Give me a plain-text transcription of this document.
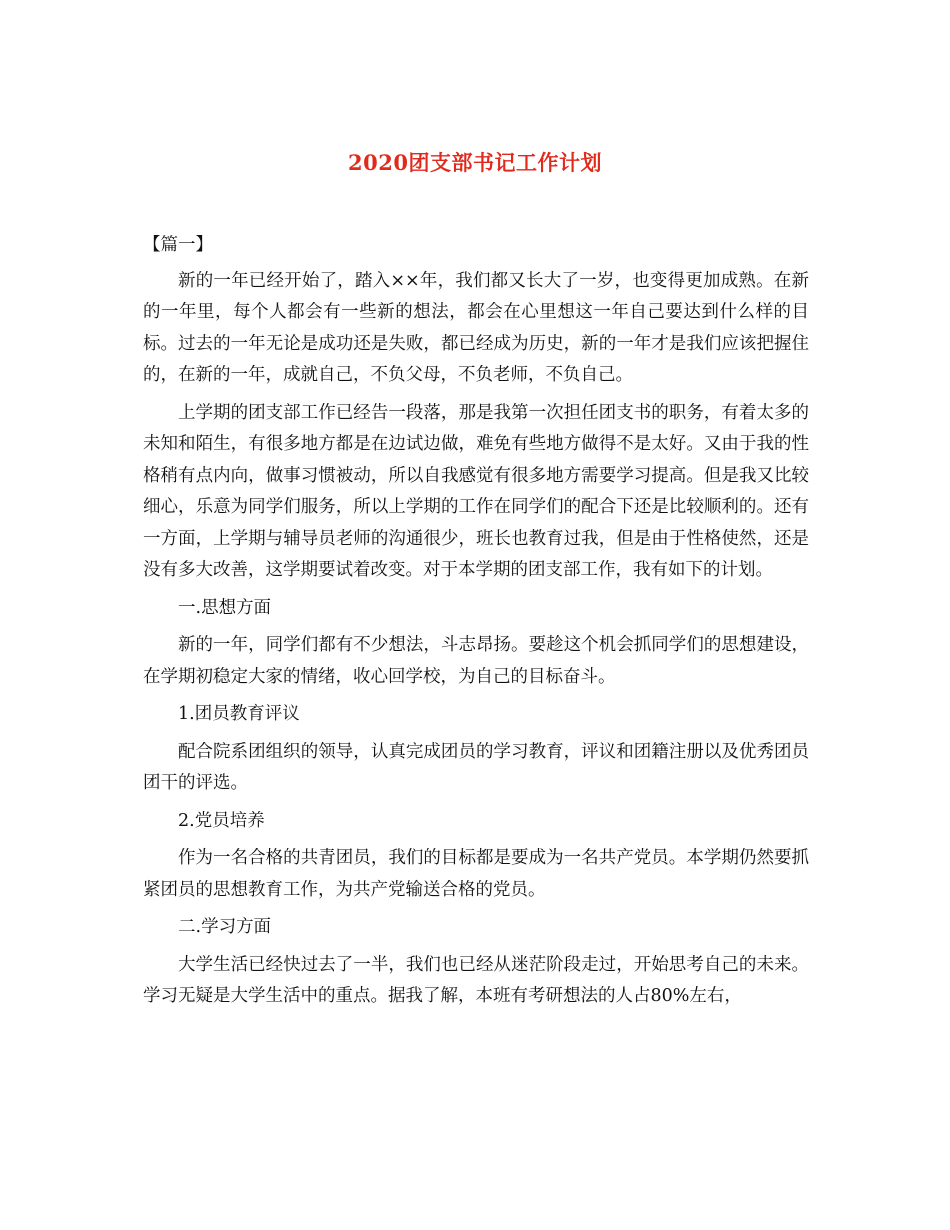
2020团支部书记工作计划

【篇一】

新的一年已经开始了，踏入××年，我们都又长大了一岁，也变得更加成熟。在新的一年里，每个人都会有一些新的想法，都会在心里想这一年自己要达到什么样的目标。过去的一年无论是成功还是失败，都已经成为历史，新的一年才是我们应该把握住的，在新的一年，成就自己，不负父母，不负老师，不负自己。

上学期的团支部工作已经告一段落，那是我第一次担任团支书的职务，有着太多的未知和陌生，有很多地方都是在边试边做，难免有些地方做得不是太好。又由于我的性格稍有点内向，做事习惯被动，所以自我感觉有很多地方需要学习提高。但是我又比较细心，乐意为同学们服务，所以上学期的工作在同学们的配合下还是比较顺利的。还有一方面，上学期与辅导员老师的沟通很少，班长也教育过我，但是由于性格使然，还是没有多大改善，这学期要试着改变。对于本学期的团支部工作，我有如下的计划。

一.思想方面

新的一年，同学们都有不少想法，斗志昂扬。要趁这个机会抓同学们的思想建设，在学期初稳定大家的情绪，收心回学校，为自己的目标奋斗。

1.团员教育评议

配合院系团组织的领导，认真完成团员的学习教育，评议和团籍注册以及优秀团员团干的评选。

2.党员培养

作为一名合格的共青团员，我们的目标都是要成为一名共产党员。本学期仍然要抓紧团员的思想教育工作，为共产党输送合格的党员。

二.学习方面

大学生活已经快过去了一半，我们也已经从迷茫阶段走过，开始思考自己的未来。学习无疑是大学生活中的重点。据我了解，本班有考研想法的人占80%左右，
